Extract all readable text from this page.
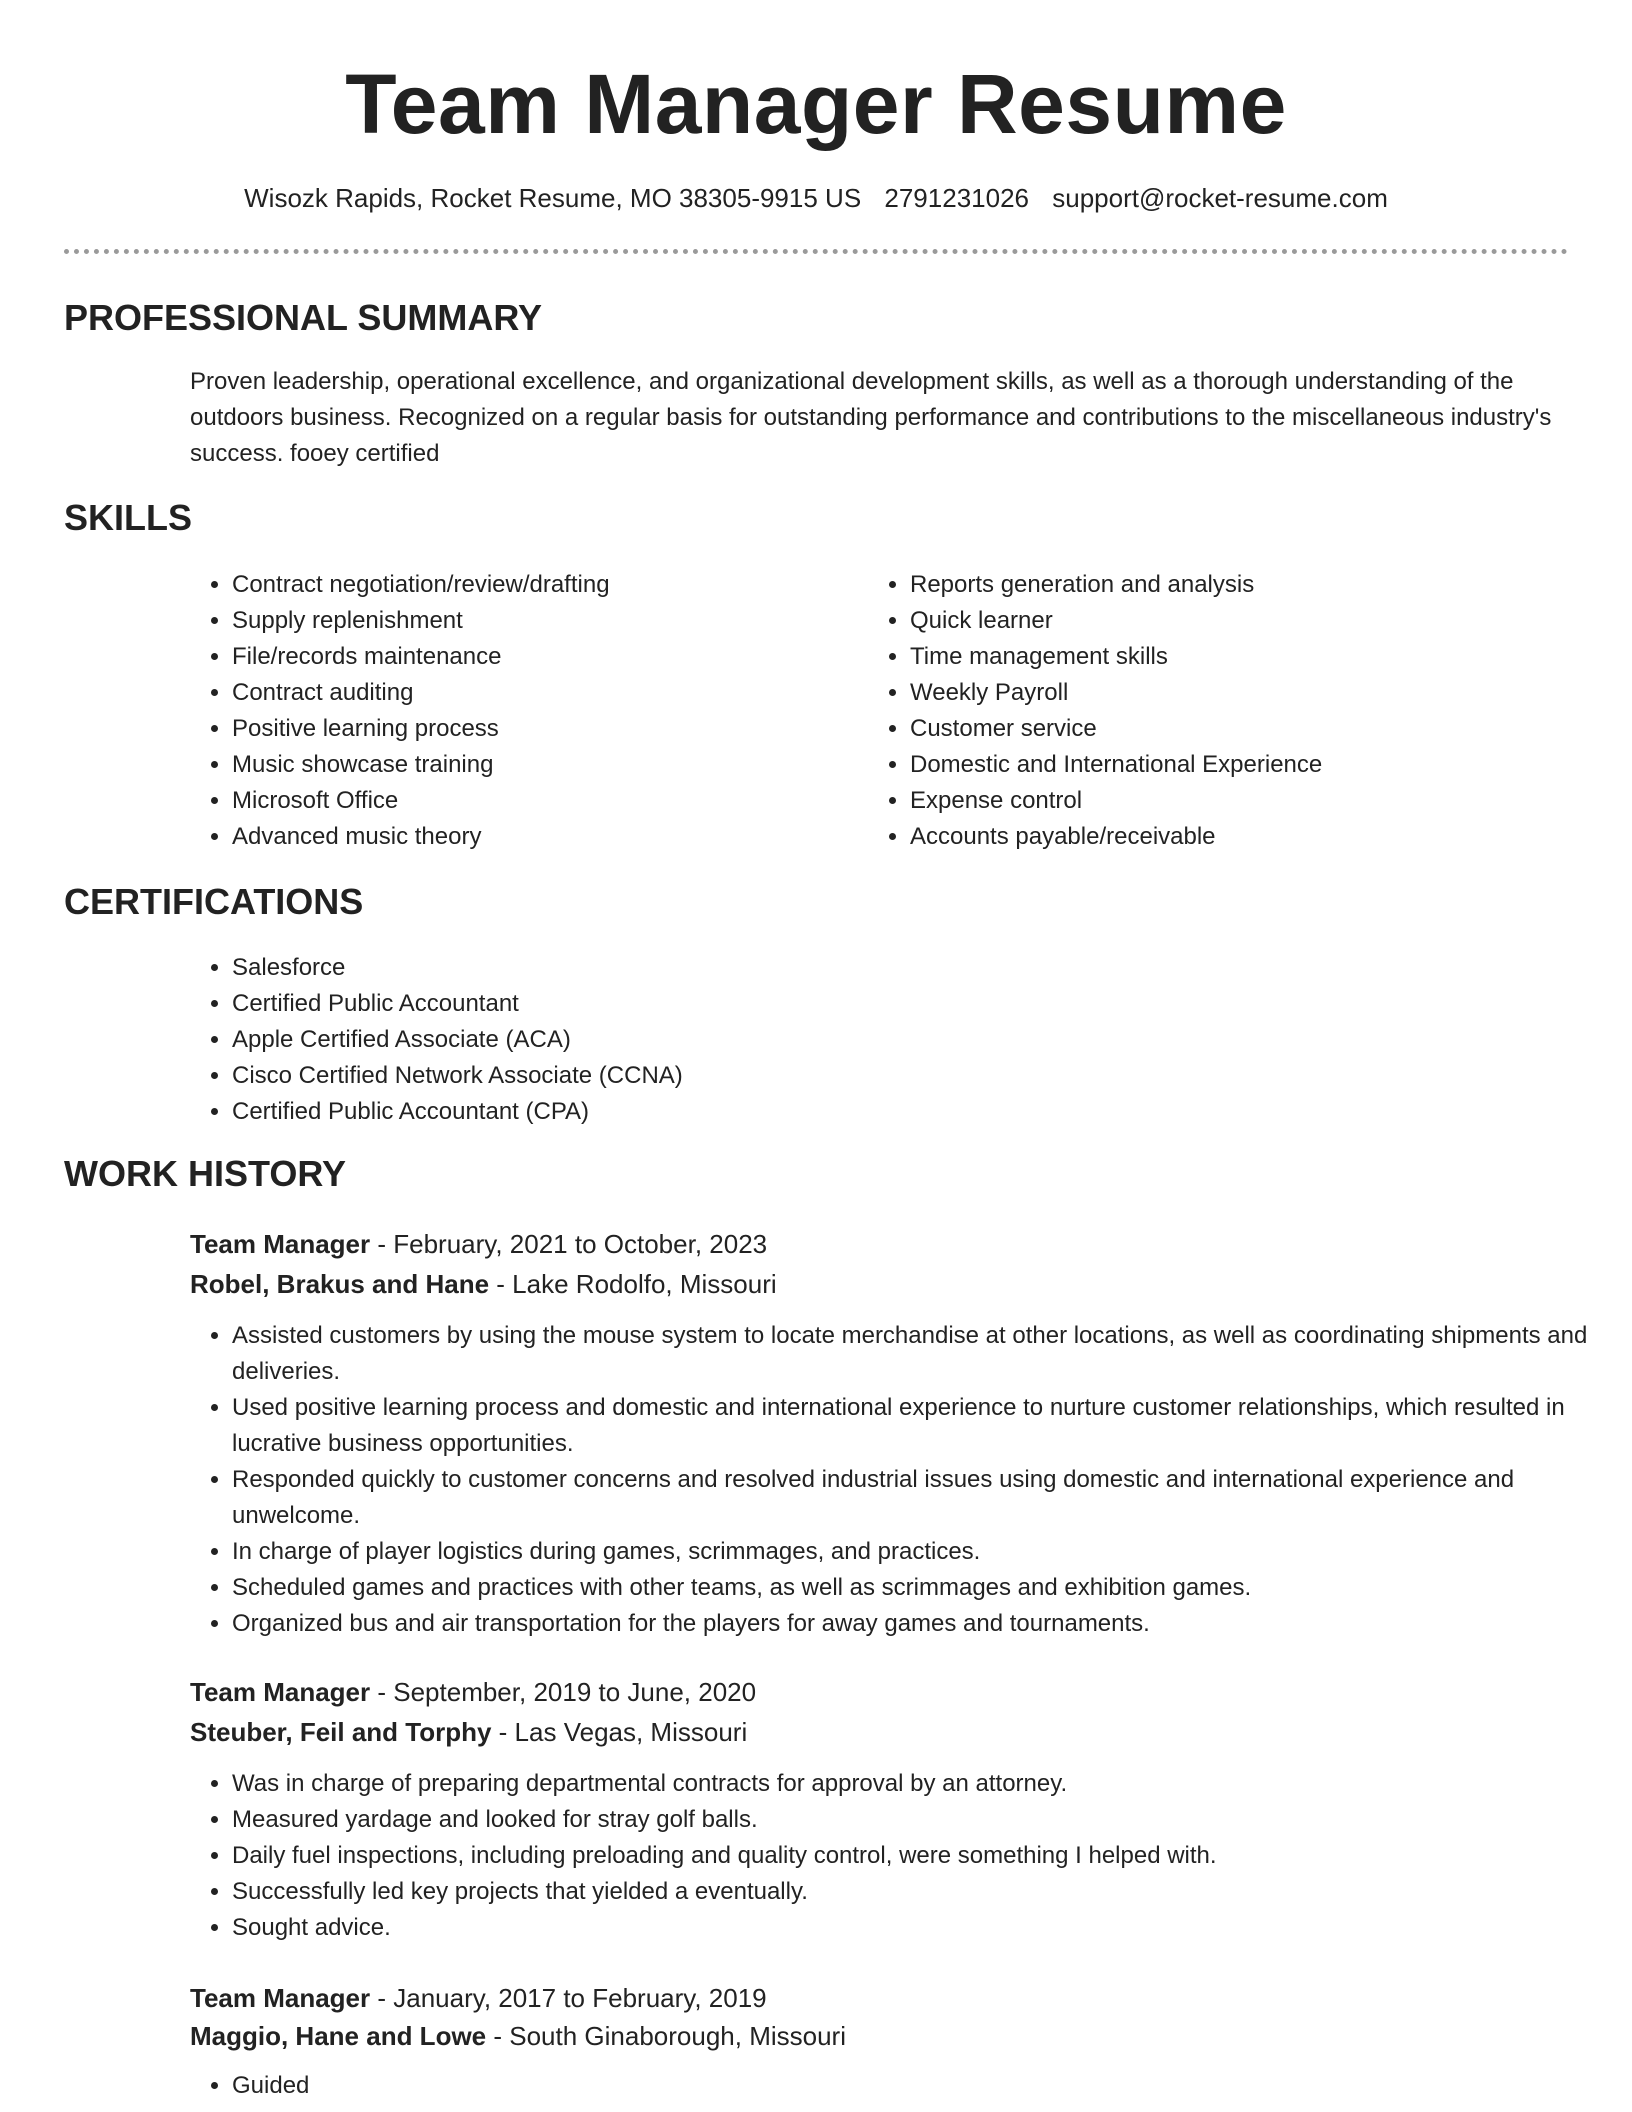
Team Manager Resume
Wisozk Rapids, Rocket Resume, MO 38305-9915 US 2791231026 support@rocket-resume.com
PROFESSIONAL SUMMARY

Proven leadership, operational excellence, and organizational development skills, as well as a thorough understanding of the outdoors business. Recognized on a regular basis for outstanding performance and contributions to the miscellaneous industry's success. fooey certified

SKILLS
• Contract negotiation/review/drafting
• Supply replenishment
• File/records maintenance
• Contract auditing
• Positive learning process
• Music showcase training
• Microsoft Office
• Advanced music theory
• Reports generation and analysis
• Quick learner
• Time management skills
• Weekly Payroll
• Customer service
• Domestic and International Experience
• Expense control
• Accounts payable/receivable
CERTIFICATIONS
• Salesforce
• Certified Public Accountant
• Apple Certified Associate (ACA)
• Cisco Certified Network Associate (CCNA)
• Certified Public Accountant (CPA)
WORK HISTORY

Team Manager - February, 2021 to October, 2023

Robel, Brakus and Hane - Lake Rodolfo, Missouri

• Assisted customers by using the mouse system to locate merchandise at other locations, as well as coordinating shipments and deliveries.
• Used positive learning process and domestic and international experience to nurture customer relationships, which resulted in lucrative business opportunities.
• Responded quickly to customer concerns and resolved industrial issues using domestic and international experience and unwelcome.
• In charge of player logistics during games, scrimmages, and practices.
• Scheduled games and practices with other teams, as well as scrimmages and exhibition games.
• Organized bus and air transportation for the players for away games and tournaments.

Team Manager - September, 2019 to June, 2020

Steuber, Feil and Torphy - Las Vegas, Missouri

• Was in charge of preparing departmental contracts for approval by an attorney.
• Measured yardage and looked for stray golf balls.
• Daily fuel inspections, including preloading and quality control, were something I helped with.
• Successfully led key projects that yielded a eventually.
• Sought advice.

Team Manager - January, 2017 to February, 2019

Maggio, Hane and Lowe - South Ginaborough, Missouri

• Guided
